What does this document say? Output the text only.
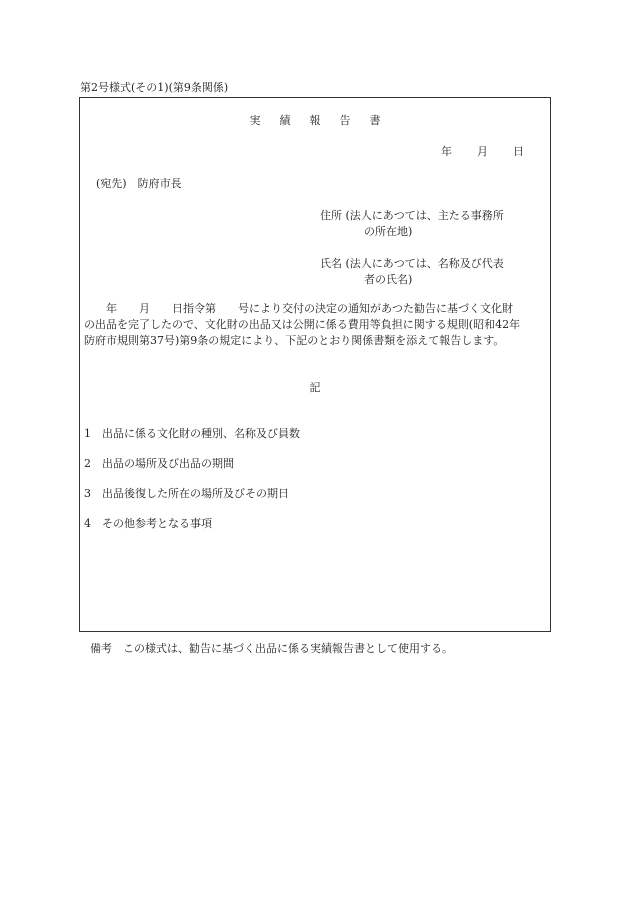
第2号様式(その1)(第9条関係)
実 績 報 告 書
年 月 日
(宛先)　防府市長
住所 (法人にあつては、主たる事務所
の所在地)
氏名 (法人にあつては、名称及び代表
者の氏名)
　　年　　月　　日指令第　　号により交付の決定の通知があつた勧告に基づく文化財
の出品を完了したので、文化財の出品又は公開に係る費用等負担に関する規則(昭和42年
防府市規則第37号)第9条の規定により、下記のとおり関係書類を添えて報告します。
記
1　出品に係る文化財の種別、名称及び員数
2　出品の場所及び出品の期間
3　出品後復した所在の場所及びその期日
4　その他参考となる事項
備考　この様式は、勧告に基づく出品に係る実績報告書として使用する。
